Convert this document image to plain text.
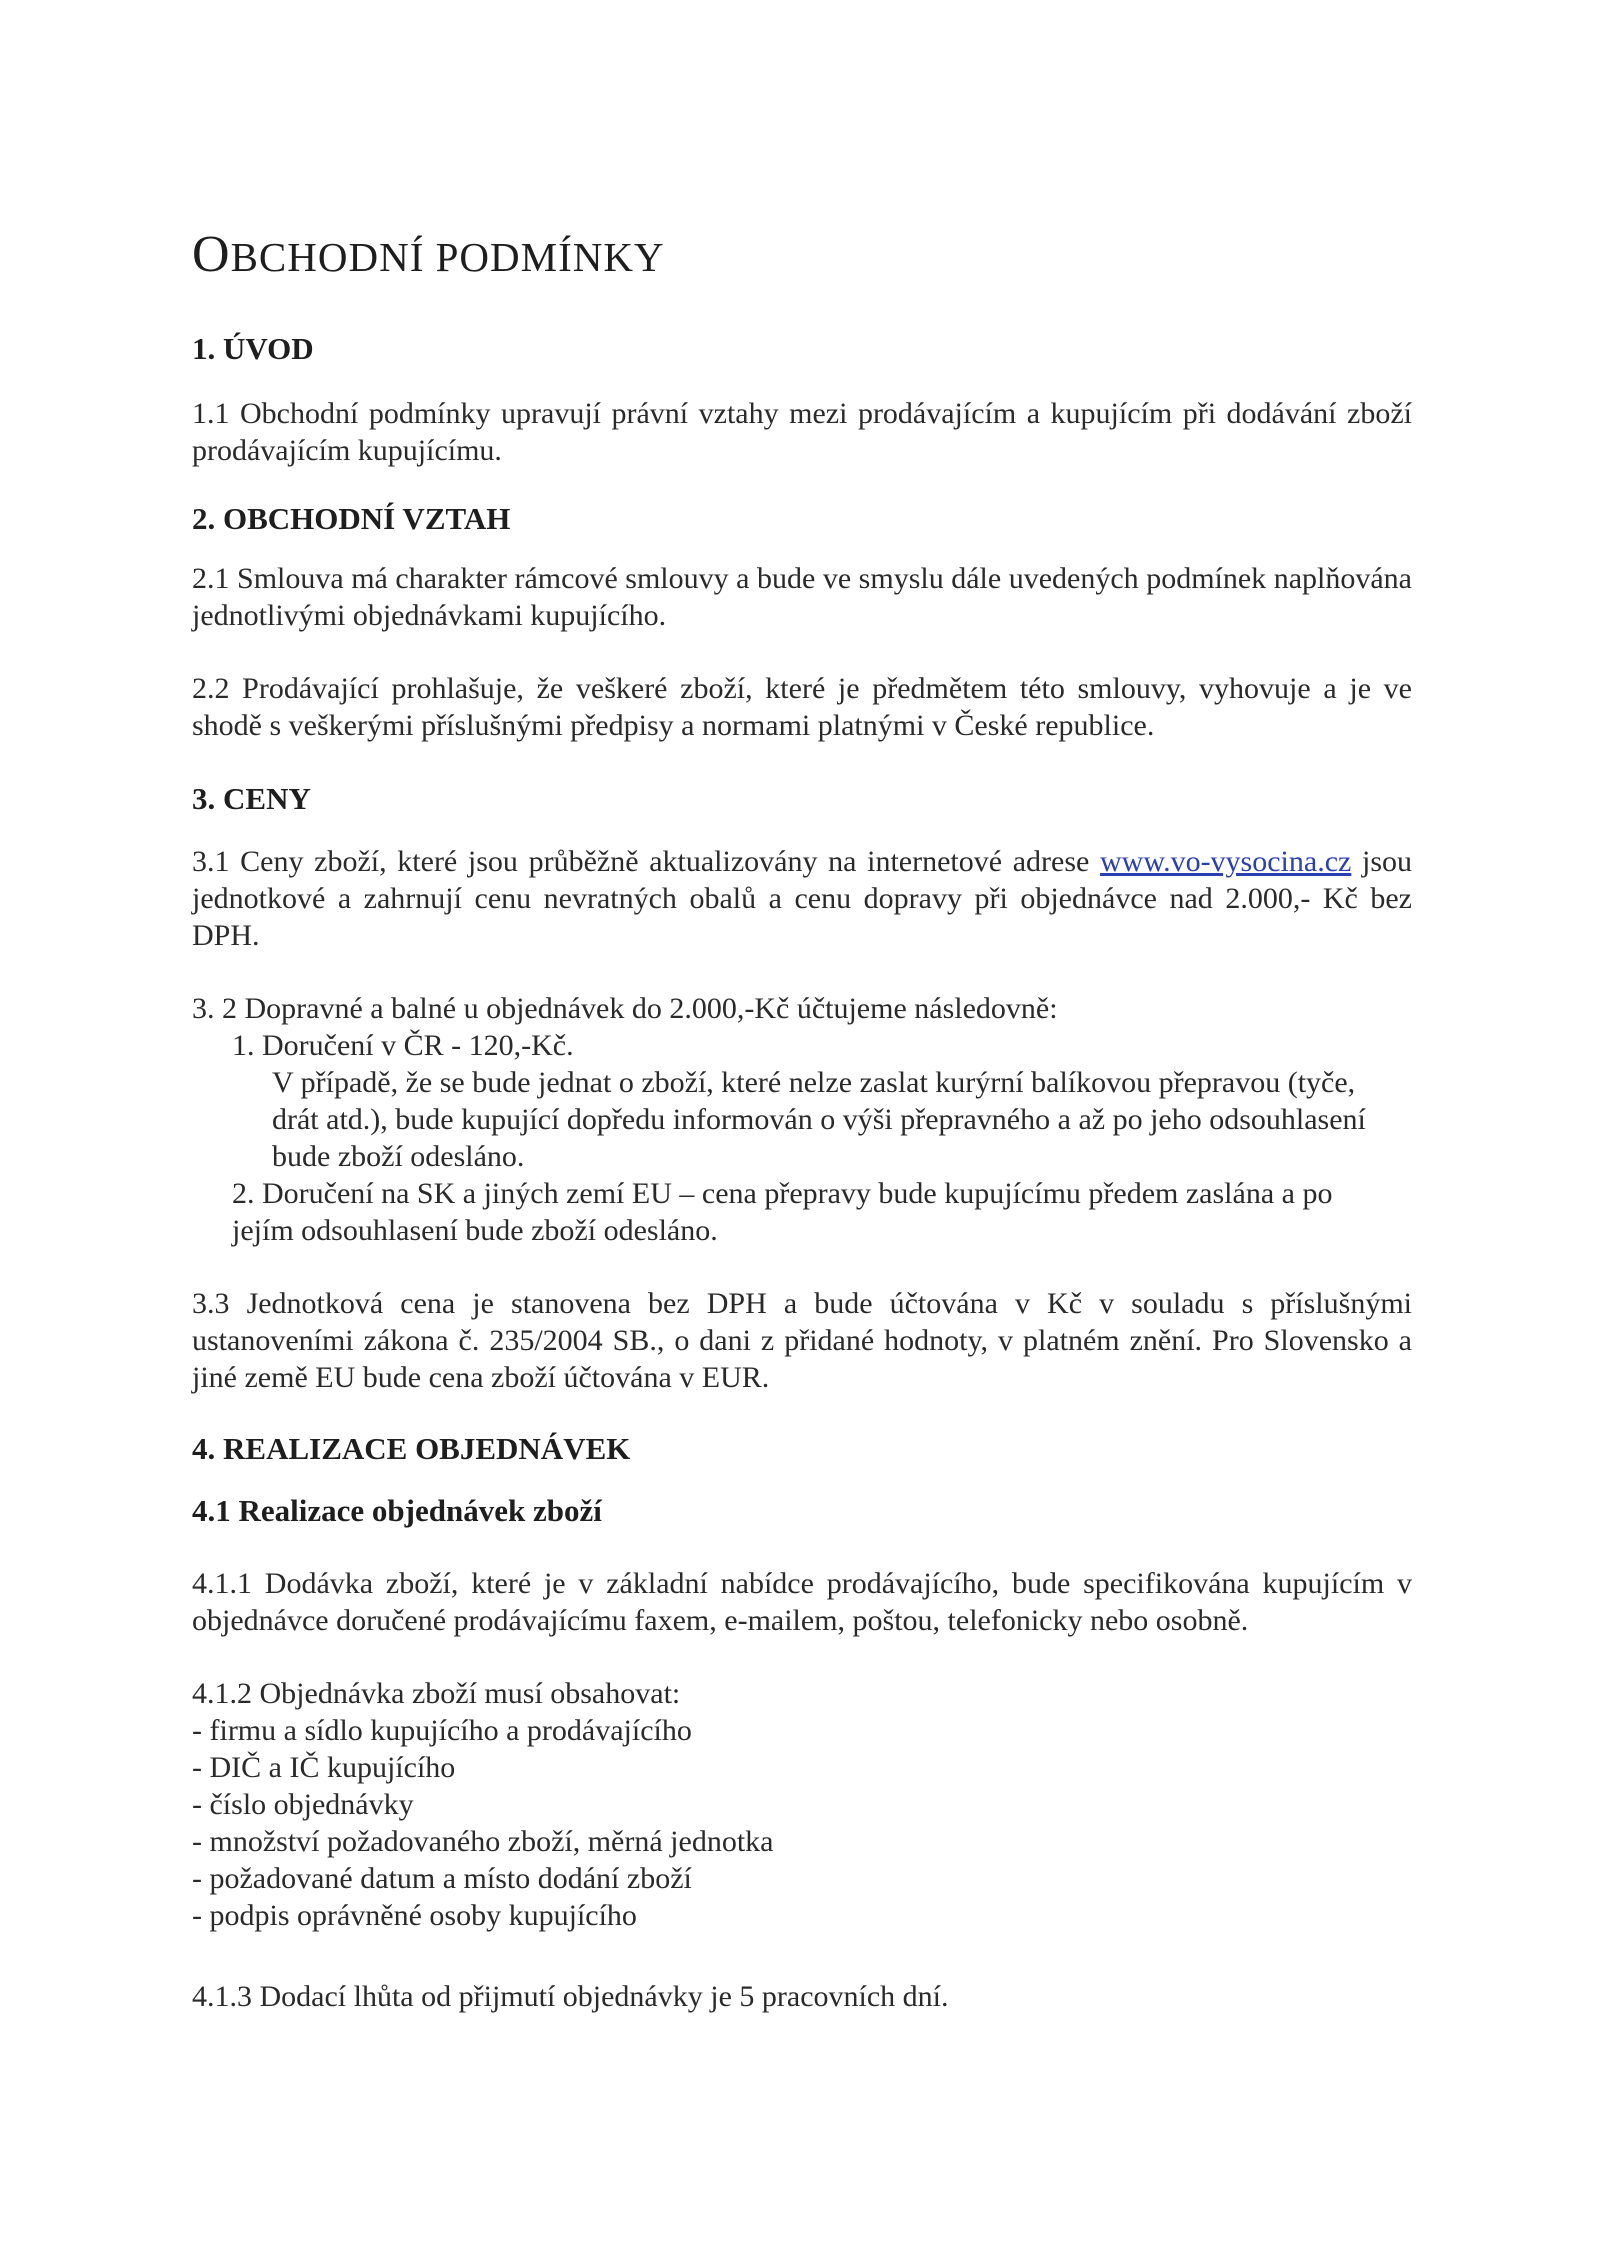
OBCHODNÍ PODMÍNKY
1. ÚVOD

1.1 Obchodní podmínky upravují právní vztahy mezi prodávajícím a kupujícím při dodávání zboží prodávajícím kupujícímu.

2. OBCHODNÍ VZTAH

2.1 Smlouva má charakter rámcové smlouvy a bude ve smyslu dále uvedených podmínek naplňována jednotlivými objednávkami kupujícího.

2.2 Prodávající prohlašuje, že veškeré zboží, které je předmětem této smlouvy, vyhovuje a je ve shodě s veškerými příslušnými předpisy a normami platnými v České republice.

3. CENY

3.1 Ceny zboží, které jsou průběžně aktualizovány na internetové adrese www.vo-vysocina.cz jsou jednotkové a zahrnují cenu nevratných obalů a cenu dopravy při objednávce nad 2.000,- Kč bez DPH.

3. 2 Dopravné a balné u objednávek do 2.000,-Kč účtujeme následovně:

1. Doručení v ČR - 120,-Kč.

V případě, že se bude jednat o zboží, které nelze zaslat kurýrní balíkovou přepravou (tyče, drát atd.), bude kupující dopředu informován o výši přepravného a až po jeho odsouhlasení bude zboží odesláno.

2. Doručení na SK a jiných zemí EU – cena přepravy bude kupujícímu předem zaslána a po jejím odsouhlasení bude zboží odesláno.

3.3 Jednotková cena je stanovena bez DPH a bude účtována v Kč v souladu s příslušnými ustanoveními zákona č. 235/2004 SB., o dani z přidané hodnoty, v platném znění. Pro Slovensko a jiné země EU bude cena zboží účtována v EUR.

4. REALIZACE OBJEDNÁVEK
4.1 Realizace objednávek zboží

4.1.1 Dodávka zboží, které je v základní nabídce prodávajícího, bude specifikována kupujícím v objednávce doručené prodávajícímu faxem, e-mailem, poštou, telefonicky nebo osobně.

4.1.2 Objednávka zboží musí obsahovat:

- firmu a sídlo kupujícího a prodávajícího
- DIČ a IČ kupujícího
- číslo objednávky
- množství požadovaného zboží, měrná jednotka
- požadované datum a místo dodání zboží
- podpis oprávněné osoby kupujícího

4.1.3 Dodací lhůta od přijmutí objednávky je 5 pracovních dní.
